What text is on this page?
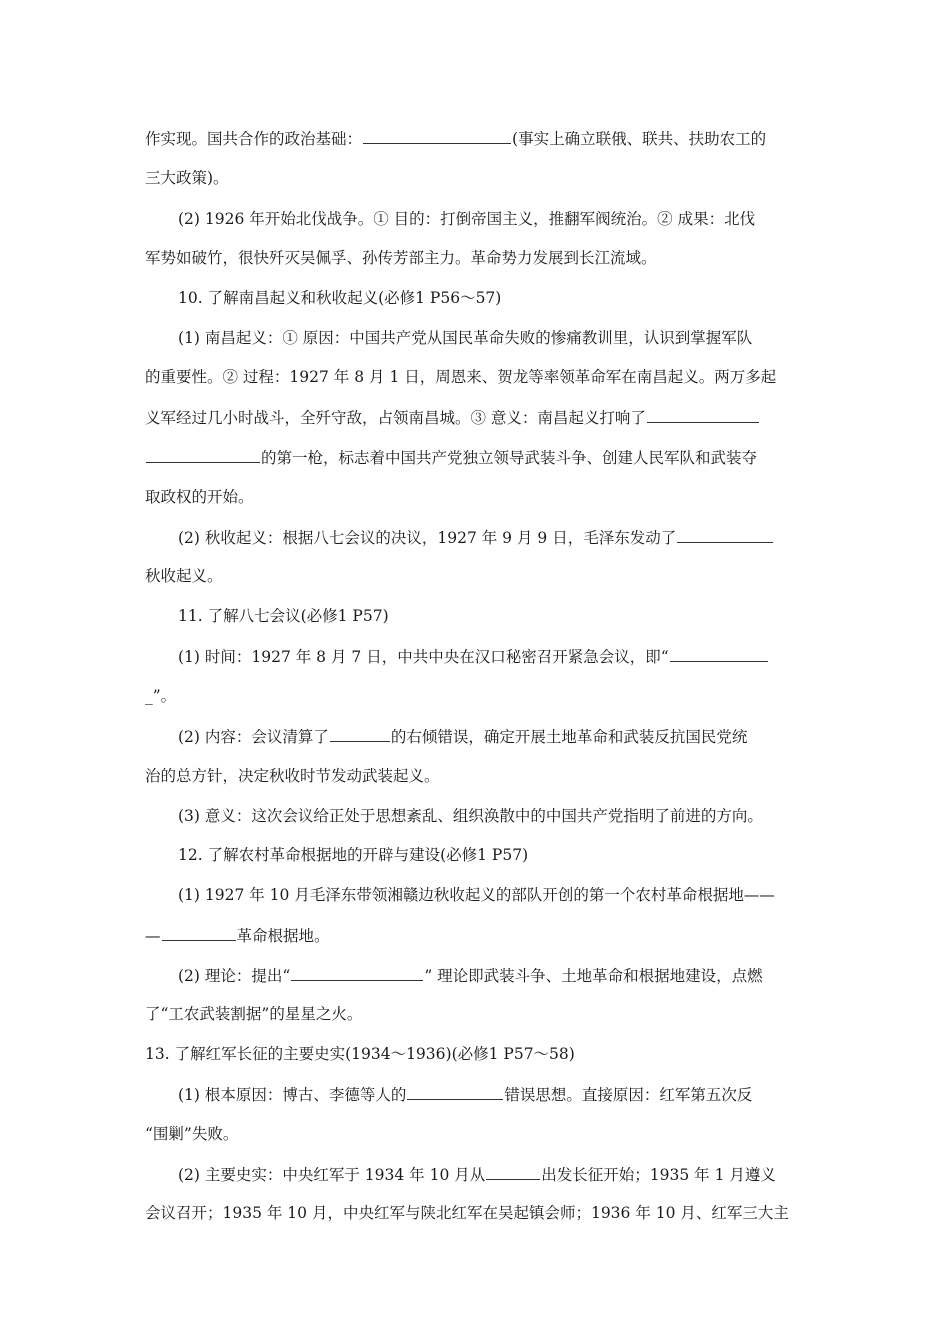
作实现。国共合作的政治基础：	(事实上确立联俄、联共、扶助农工的
三大政策)。
(2) 1926 年开始北伐战争。① 目的：打倒帝国主义，推翻军阀统治。② 成果：北伐
军势如破竹，很快歼灭吴佩孚、孙传芳部主力。革命势力发展到长江流域。
10. 了解南昌起义和秋收起义(必修1 P56～57)
(1) 南昌起义：① 原因：中国共产党从国民革命失败的惨痛教训里，认识到掌握军队
的重要性。② 过程：1927 年 8 月 1 日，周恩来、贺龙等率领革命军在南昌起义。两万多起
义军经过几小时战斗，全歼守敌，占领南昌城。③ 意义：南昌起义打响了
的第一枪，标志着中国共产党独立领导武装斗争、创建人民军队和武装夺
取政权的开始。
(2) 秋收起义：根据八七会议的决议，1927 年 9 月 9 日，毛泽东发动了
秋收起义。
11. 了解八七会议(必修1 P57)
(1) 时间：1927 年 8 月 7 日，中共中央在汉口秘密召开紧急会议，即“
_”。
(2) 内容：会议清算了	的右倾错误，确定开展土地革命和武装反抗国民党统
治的总方针，决定秋收时节发动武装起义。
(3) 意义：这次会议给正处于思想紊乱、组织涣散中的中国共产党指明了前进的方向。
12. 了解农村革命根据地的开辟与建设(必修1 P57)
(1) 1927 年 10 月毛泽东带领湘赣边秋收起义的部队开创的第一个农村革命根据地——
—	革命根据地。
(2) 理论：提出“	” 理论即武装斗争、土地革命和根据地建设，点燃
了“工农武装割据”的星星之火。
13. 了解红军长征的主要史实(1934～1936)(必修1 P57～58)
(1) 根本原因：博古、李德等人的	错误思想。直接原因：红军第五次反
“围剿”失败。
(2) 主要史实：中央红军于 1934 年 10 月从	出发长征开始；1935 年 1 月遵义
会议召开；1935 年 10 月，中央红军与陕北红军在吴起镇会师；1936 年 10 月、红军三大主
